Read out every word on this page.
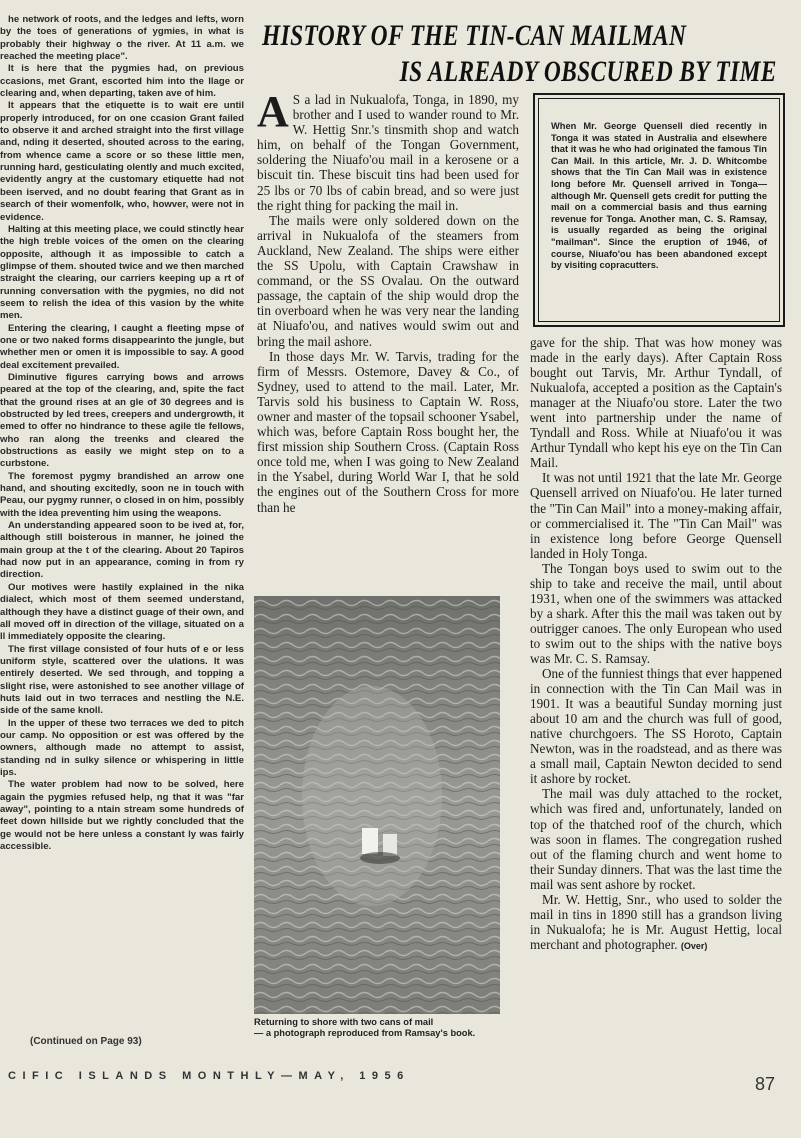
he network of roots, and the ledges and lefts, worn by the toes of generations of ygmies, in what is probably their highway o the river. At 11 a.m. we reached the meeting place".

It is here that the pygmies had, on previous ccasions, met Grant, escorted him into the llage or clearing and, when departing, taken ave of him.

It appears that the etiquette is to wait ere until properly introduced, for on one ccasion Grant failed to observe it and arched straight into the first village and, nding it deserted, shouted across to the earing, from whence came a score or so these little men, running hard, gesticulating olently and much excited, evidently angry at the customary etiquette had not been iserved, and no doubt fearing that Grant as in search of their womenfolk, who, howver, were not in evidence.

Halting at this meeting place, we could stinctly hear the high treble voices of the omen on the clearing opposite, although it as impossible to catch a glimpse of them. shouted twice and we then marched straight the clearing, our carriers keeping up a rt of running conversation with the pygmies, no did not seem to relish the idea of this vasion by the white men.

Entering the clearing, I caught a fleeting mpse of one or two naked forms disappearinto the jungle, but whether men or omen it is impossible to say. A good deal excitement prevailed.

Diminutive figures carrying bows and arrows peared at the top of the clearing, and, spite the fact that the ground rises at an gle of 30 degrees and is obstructed by led trees, creepers and undergrowth, it emed to offer no hindrance to these agile tle fellows, who ran along the treenks and cleared the obstructions as easily we might step on to a curbstone.

The foremost pygmy brandished an arrow one hand, and shouting excitedly, soon ne in touch with Peau, our pygmy runner, o closed in on him, possibly with the idea preventing him using the weapons.

An understanding appeared soon to be ived at, for, although still boisterous in manner, he joined the main group at the t of the clearing. About 20 Tapiros had now put in an appearance, coming in from ry direction.

Our motives were hastily explained in the nika dialect, which most of them seemed understand, although they have a distinct guage of their own, and all moved off in direction of the village, situated on a ll immediately opposite the clearing.

The first village consisted of four huts of e or less uniform style, scattered over the ulations. It was entirely deserted. We sed through, and topping a slight rise, were astonished to see another village of huts laid out in two terraces and nestling the N.E. side of the same knoll.

In the upper of these two terraces we ded to pitch our camp. No opposition or est was offered by the owners, although made no attempt to assist, standing nd in sulky silence or whispering in little ips.

The water problem had now to be solved, here again the pygmies refused help, ng that it was "far away", pointing to a ntain stream some hundreds of feet down hillside but we rightly concluded that the ge would not be here unless a constant ly was fairly accessible.

(Continued on Page 93)
HISTORY OF THE TIN-CAN MAILMAN
IS ALREADY OBSCURED BY TIME

A S a lad in Nukualofa, Tonga, in 1890, my brother and I used to wander round to Mr. W. Hettig Snr.'s tinsmith shop and watch him, on behalf of the Tongan Government, soldering the Niuafo'ou mail in a kerosene or a biscuit tin. These biscuit tins had been used for 25 lbs or 70 lbs of cabin bread, and so were just the right thing for packing the mail in.

The mails were only soldered down on the arrival in Nukualofa of the steamers from Auckland, New Zealand. The ships were either the SS Upolu, with Captain Crawshaw in command, or the SS Ovalau. On the outward passage, the captain of the ship would drop the tin overboard when he was very near the landing at Niuafo'ou, and natives would swim out and bring the mail ashore.

In those days Mr. W. Tarvis, trading for the firm of Messrs. Ostemore, Davey & Co., of Sydney, used to attend to the mail. Later, Mr. Tarvis sold his business to Captain W. Ross, owner and master of the topsail schooner Ysabel, which was, before Captain Ross bought her, the first mission ship Southern Cross. (Captain Ross once told me, when I was going to New Zealand in the Ysabel, during World War I, that he sold the engines out of the Southern Cross for more than he

When Mr. George Quensell died recently in Tonga it was stated in Australia and elsewhere that it was he who had originated the famous Tin Can Mail. In this article, Mr. J. D. Whitcombe shows that the Tin Can Mail was in existence long before Mr. Quensell arrived in Tonga—although Mr. Quensell gets credit for putting the mail on a commercial basis and thus earning revenue for Tonga. Another man, C. S. Ramsay, is usually regarded as being the original "mailman". Since the eruption of 1946, of course, Niuafo'ou has been abandoned except by visiting copracutters.

gave for the ship. That was how money was made in the early days). After Captain Ross bought out Tarvis, Mr. Arthur Tyndall, of Nukualofa, accepted a position as the Captain's manager at the Niuafo'ou store. Later the two went into partnership under the name of Tyndall and Ross. While at Niuafo'ou it was Arthur Tyndall who kept his eye on the Tin Can Mail.

It was not until 1921 that the late Mr. George Quensell arrived on Niuafo'ou. He later turned the "Tin Can Mail" into a money-making affair, or commercialised it. The "Tin Can Mail" was in existence long before George Quensell landed in Holy Tonga.

The Tongan boys used to swim out to the ship to take and receive the mail, until about 1931, when one of the swimmers was attacked by a shark. After this the mail was taken out by outrigger canoes. The only European who used to swim out to the ships with the native boys was Mr. C. S. Ramsay.

One of the funniest things that ever happened in connection with the Tin Can Mail was in 1901. It was a beautiful Sunday morning just about 10 am and the church was full of good, native churchgoers. The SS Horoto, Captain Newton, was in the roadstead, and as there was a small mail, Captain Newton decided to send it ashore by rocket.

The mail was duly attached to the rocket, which was fired and, unfortunately, landed on top of the thatched roof of the church, which was soon in flames. The congregation rushed out of the flaming church and went home to their Sunday dinners. That was the last time the mail was sent ashore by rocket.

Mr. W. Hettig, Snr., who used to solder the mail in tins in 1890 still has a grandson living in Nukualofa; he is Mr. August Hettig, local merchant and photographer. (Over)

Returning to shore with two cans of mail
— a photograph reproduced from Ramsay's book.
CIFIC ISLANDS MONTHLY—MAY, 1956	87
